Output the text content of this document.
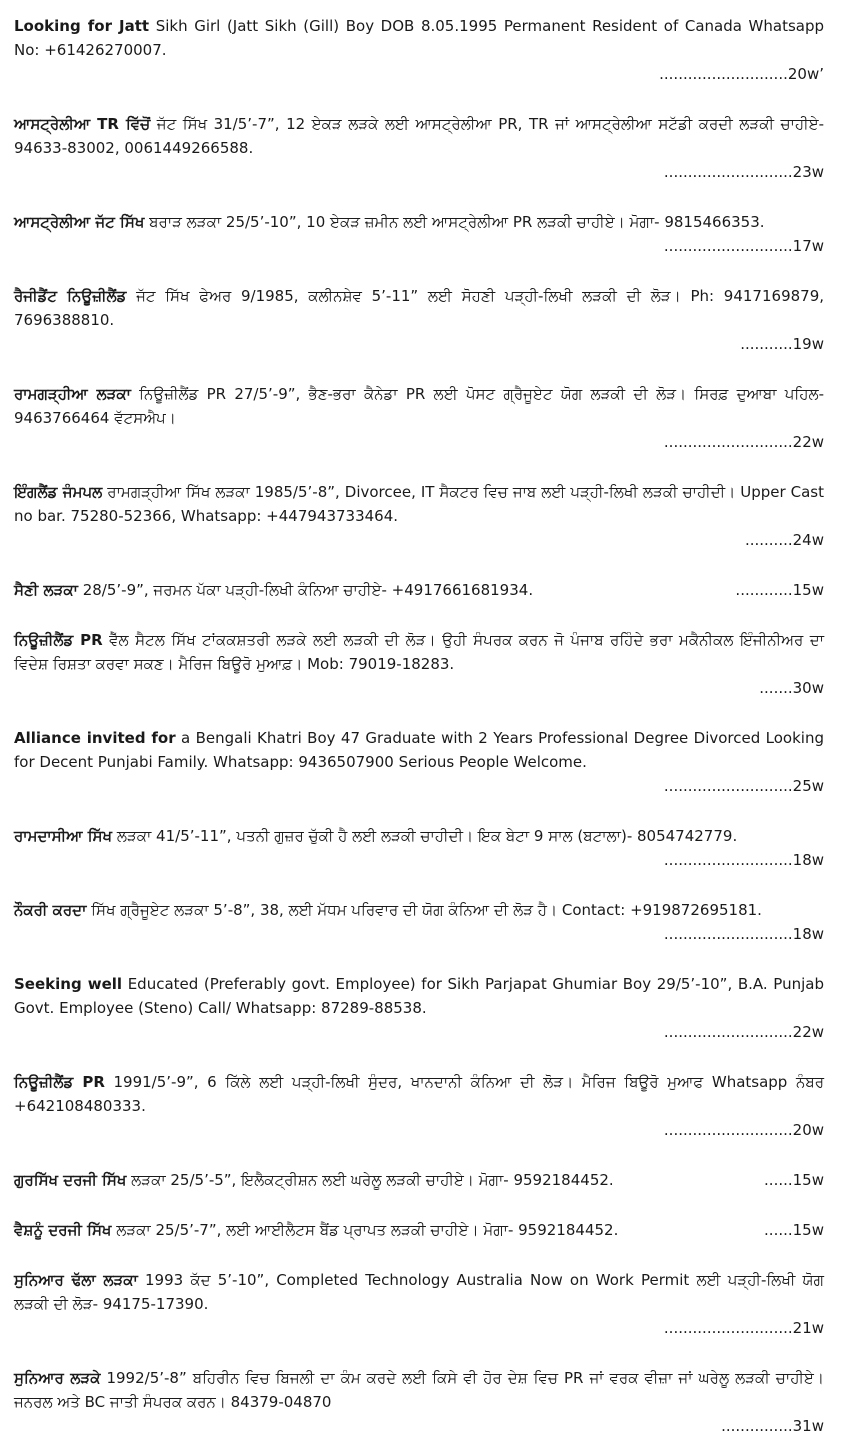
Looking for Jatt Sikh Girl (Jatt Sikh (Gill) Boy DOB 8.05.1995 Permanent Resident of Canada Whatsapp No: +61426270007.
...........................20w’
ਆਸਟ੍ਰੇਲੀਆ TR ਵਿੱਚੋਂ ਜੱਟ ਸਿੱਖ 31/5’-7”, 12 ਏਕੜ ਲੜਕੇ ਲਈ ਆਸਟ੍ਰੇਲੀਆ PR, TR ਜਾਂ ਆਸਟ੍ਰੇਲੀਆ ਸਟੱਡੀ ਕਰਦੀ ਲੜਕੀ ਚਾਹੀਏ- 94633-83002, 0061449266588.
...........................23w
ਆਸਟ੍ਰੇਲੀਆ ਜੱਟ ਸਿੱਖ ਬਰਾੜ ਲੜਕਾ 25/5’-10”, 10 ਏਕੜ ਜ਼ਮੀਨ ਲਈ ਆਸਟ੍ਰੇਲੀਆ PR ਲੜਕੀ ਚਾਹੀਏ। ਮੋਗਾ- 9815466353.
...........................17w
ਰੈਜੀਡੈਂਟ ਨਿਊਜ਼ੀਲੈਂਡ ਜੱਟ ਸਿੱਖ ਫੇਅਰ 9/1985, ਕਲੀਨਸ਼ੇਵ 5’-11” ਲਈ ਸੋਹਣੀ ਪੜ੍ਹੀ-ਲਿਖੀ ਲੜਕੀ ਦੀ ਲੋੜ। Ph: 9417169879, 7696388810.
...........19w
ਰਾਮਗੜ੍ਹੀਆ ਲੜਕਾ ਨਿਊਜ਼ੀਲੈਂਡ PR 27/5’-9”, ਭੈਣ-ਭਰਾ ਕੈਨੇਡਾ PR ਲਈ ਪੋਸਟ ਗ੍ਰੈਜੂਏਟ ਯੋਗ ਲੜਕੀ ਦੀ ਲੋੜ। ਸਿਰਫ਼ ਦੁਆਬਾ ਪਹਿਲ- 9463766464 ਵੱਟਸਐਪ।
...........................22w
ਇੰਗਲੈਂਡ ਜੰਮਪਲ ਰਾਮਗੜ੍ਹੀਆ ਸਿੱਖ ਲੜਕਾ 1985/5’-8”, Divorcee, IT ਸੈਕਟਰ ਵਿਚ ਜਾਬ ਲਈ ਪੜ੍ਹੀ-ਲਿਖੀ ਲੜਕੀ ਚਾਹੀਦੀ। Upper Cast no bar. 75280-52366, Whatsapp: +447943733464.
..........24w
ਸੈਣੀ ਲੜਕਾ 28/5’-9”, ਜਰਮਨ ਪੱਕਾ ਪੜ੍ਹੀ-ਲਿਖੀ ਕੰਨਿਆ ਚਾਹੀਏ- +4917661681934.	............15w
ਨਿਊਜ਼ੀਲੈਂਡ PR ਵੈੱਲ ਸੈਟਲ ਸਿੱਖ ਟਾਂਕਕਸ਼ਤਰੀ ਲੜਕੇ ਲਈ ਲੜਕੀ ਦੀ ਲੋੜ। ਉਹੀ ਸੰਪਰਕ ਕਰਨ ਜੋ ਪੰਜਾਬ ਰਹਿੰਦੇ ਭਰਾ ਮਕੈਨੀਕਲ ਇੰਜੀਨੀਅਰ ਦਾ ਵਿਦੇਸ਼ ਰਿਸ਼ਤਾ ਕਰਵਾ ਸਕਣ। ਮੈਰਿਜ ਬਿਊਰੋ ਮੁਆਫ਼। Mob: 79019-18283.
.......30w
Alliance invited for a Bengali Khatri Boy 47 Graduate with 2 Years Professional Degree Divorced Looking for Decent Punjabi Family. Whatsapp: 9436507900 Serious People Welcome.
...........................25w
ਰਾਮਦਾਸੀਆ ਸਿੱਖ ਲੜਕਾ 41/5’-11”, ਪਤਨੀ ਗੁਜ਼ਰ ਚੁੱਕੀ ਹੈ ਲਈ ਲੜਕੀ ਚਾਹੀਦੀ। ਇਕ ਬੇਟਾ 9 ਸਾਲ (ਬਟਾਲਾ)- 8054742779.
...........................18w
ਨੌਕਰੀ ਕਰਦਾ ਸਿੱਖ ਗ੍ਰੈਜੂਏਟ ਲੜਕਾ 5’-8”, 38, ਲਈ ਮੱਧਮ ਪਰਿਵਾਰ ਦੀ ਯੋਗ ਕੰਨਿਆ ਦੀ ਲੋੜ ਹੈ। Contact: +919872695181.
...........................18w
Seeking well Educated (Preferably govt. Employee) for Sikh Parjapat Ghumiar Boy 29/5’-10”, B.A. Punjab Govt. Employee (Steno) Call/ Whatsapp: 87289-88538.
...........................22w
ਨਿਊਜ਼ੀਲੈਂਡ PR 1991/5’-9”, 6 ਕਿੱਲੇ ਲਈ ਪੜ੍ਹੀ-ਲਿਖੀ ਸੁੰਦਰ, ਖਾਨਦਾਨੀ ਕੰਨਿਆ ਦੀ ਲੋੜ। ਮੈਰਿਜ ਬਿਊਰੋ ਮੁਆਫ Whatsapp ਨੰਬਰ +642108480333.
...........................20w
ਗੁਰਸਿੱਖ ਦਰਜੀ ਸਿੱਖ ਲੜਕਾ 25/5’-5”, ਇਲੈਕਟ੍ਰੀਸ਼ਨ ਲਈ ਘਰੇਲੂ ਲੜਕੀ ਚਾਹੀਏ। ਮੋਗਾ- 9592184452.	......15w
ਵੈਸ਼ਨੂੰ ਦਰਜੀ ਸਿੱਖ ਲੜਕਾ 25/5’-7”, ਲਈ ਆਈਲੈਟਸ ਬੈਂਡ ਪ੍ਰਾਪਤ ਲੜਕੀ ਚਾਹੀਏ। ਮੋਗਾ- 9592184452.	......15w
ਸੁਨਿਆਰ ਢੱਲਾ ਲੜਕਾ 1993 ਕੱਦ 5’-10”, Completed Technology Australia Now on Work Permit ਲਈ ਪੜ੍ਹੀ-ਲਿਖੀ ਯੋਗ ਲੜਕੀ ਦੀ ਲੋੜ- 94175-17390.
...........................21w
ਸੁਨਿਆਰ ਲੜਕੇ 1992/5’-8” ਬਹਿਰੀਨ ਵਿਚ ਬਿਜਲੀ ਦਾ ਕੰਮ ਕਰਦੇ ਲਈ ਕਿਸੇ ਵੀ ਹੋਰ ਦੇਸ਼ ਵਿਚ PR ਜਾਂ ਵਰਕ ਵੀਜ਼ਾ ਜਾਂ ਘਰੇਲੂ ਲੜਕੀ ਚਾਹੀਏ। ਜਨਰਲ ਅਤੇ BC ਜਾਤੀ ਸੰਪਰਕ ਕਰਨ। 84379-04870
...............31w
